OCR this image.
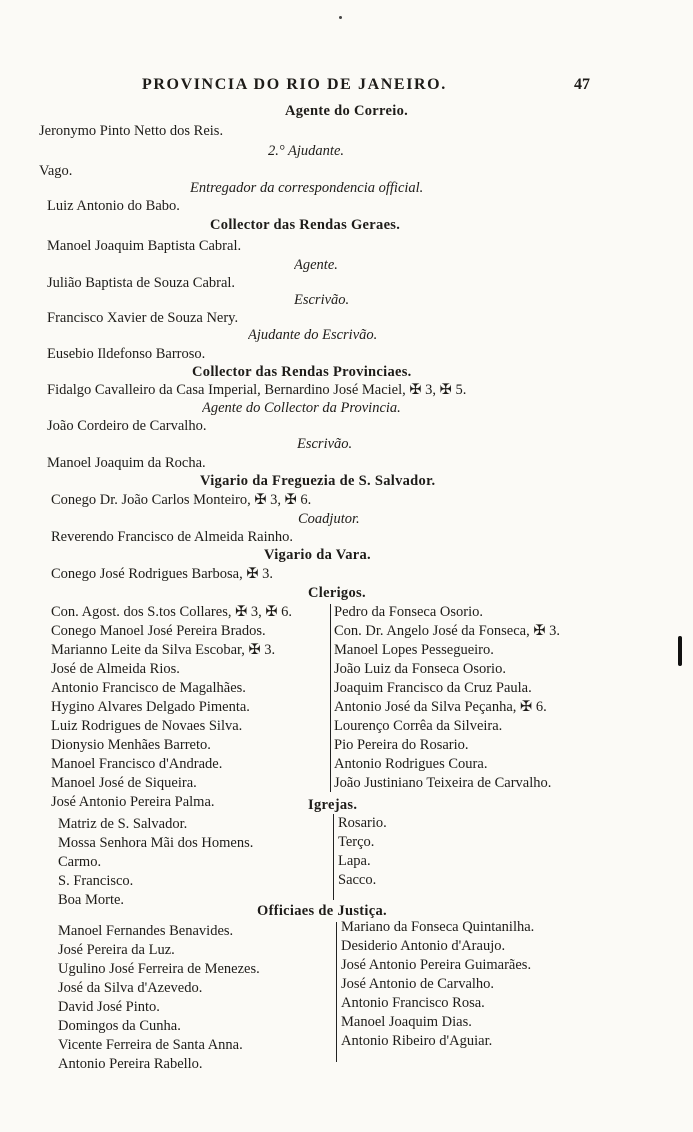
PROVINCIA DO RIO DE JANEIRO.	47
Agente do Correio.
Jeronymo Pinto Netto dos Reis.
2.° Ajudante.
Vago.
Entregador da correspondencia official.
Luiz Antonio do Babo.
Collector das Rendas Geraes.
Manoel Joaquim Baptista Cabral.
Agente.
Julião Baptista de Souza Cabral.
Escrivão.
Francisco Xavier de Souza Nery.
Ajudante do Escrivão.
Eusebio Ildefonso Barroso.
Collector das Rendas Provinciaes.
Fidalgo Cavalleiro da Casa Imperial, Bernardino José Maciel, ✠ 3, ✠ 5.
Agente do Collector da Provincia.
João Cordeiro de Carvalho.
Escrivão.
Manoel Joaquim da Rocha.
Vigario da Freguezia de S. Salvador.
Conego Dr. João Carlos Monteiro, ✠ 3, ✠ 6.
Coadjutor.
Reverendo Francisco de Almeida Rainho.
Vigario da Vara.
Conego José Rodrigues Barbosa, ✠ 3.
Clerigos.
Con. Agost. dos S.tos Collares, ✠ 3, ✠ 6.
Conego Manoel José Pereira Brados.
Marianno Leite da Silva Escobar, ✠ 3.
José de Almeida Rios.
Antonio Francisco de Magalhães.
Hygino Alvares Delgado Pimenta.
Luiz Rodrigues de Novaes Silva.
Dionysio Menhães Barreto.
Manoel Francisco d'Andrade.
Manoel José de Siqueira.
José Antonio Pereira Palma.
Pedro da Fonseca Osorio.
Con. Dr. Angelo José da Fonseca, ✠ 3.
Manoel Lopes Pessegueiro.
João Luiz da Fonseca Osorio.
Joaquim Francisco da Cruz Paula.
Antonio José da Silva Peçanha, ✠ 6.
Lourenço Corrêa da Silveira.
Pio Pereira do Rosario.
Antonio Rodrigues Coura.
João Justiniano Teixeira de Carvalho.
Igrejas.
Matriz de S. Salvador.
Mossa Senhora Mãi dos Homens.
Carmo.
S. Francisco.
Boa Morte.
Rosario.
Terço.
Lapa.
Sacco.
Officiaes de Justiça.
Manoel Fernandes Benavides.
José Pereira da Luz.
Ugulino José Ferreira de Menezes.
José da Silva d'Azevedo.
David José Pinto.
Domingos da Cunha.
Vicente Ferreira de Santa Anna.
Antonio Pereira Rabello.
Mariano da Fonseca Quintanilha.
Desiderio Antonio d'Araujo.
José Antonio Pereira Guimarães.
José Antonio de Carvalho.
Antonio Francisco Rosa.
Manoel Joaquim Dias.
Antonio Ribeiro d'Aguiar.
